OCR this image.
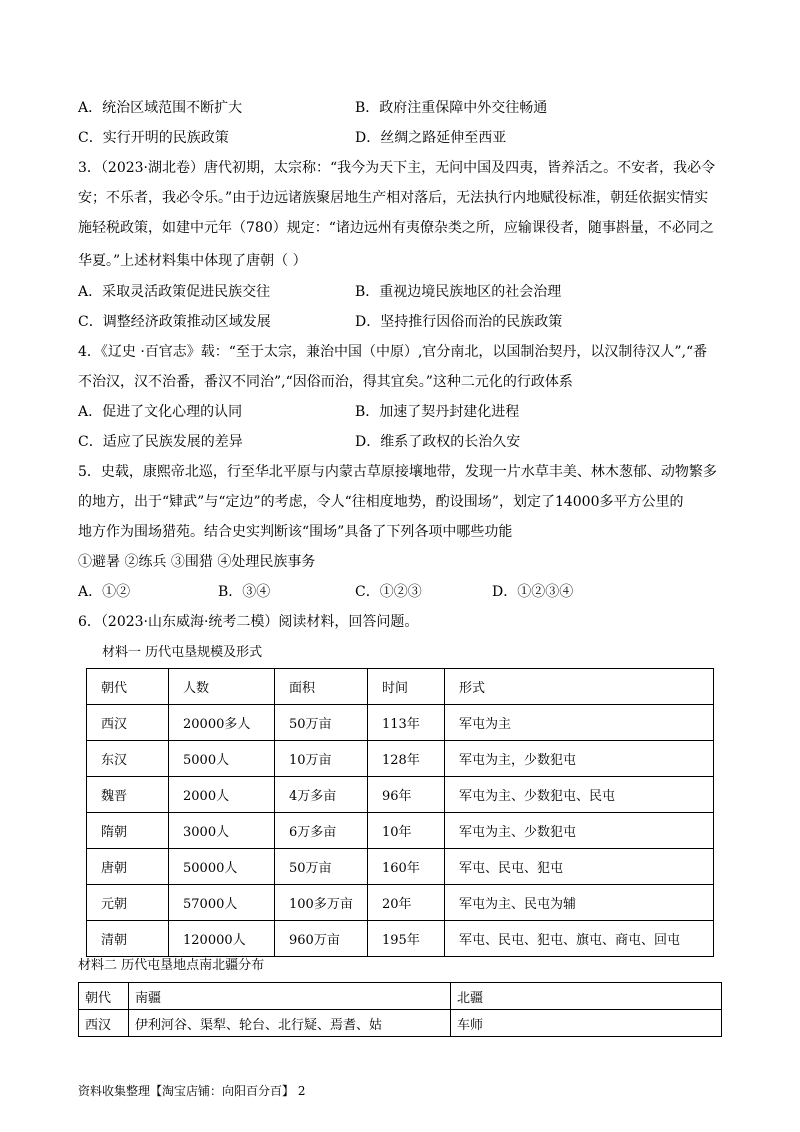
A．统治区域范围不断扩大	B．政府注重保障中外交往畅通
C．实行开明的民族政策	D．丝绸之路延伸至西亚
3．（2023·湖北卷）唐代初期，太宗称：“我今为天下主，无问中国及四夷，皆养活之。不安者，我必令
安；不乐者，我必令乐。”由于边远诸族聚居地生产相对落后，无法执行内地赋役标准，朝廷依据实情实
施轻税政策，如建中元年（780）规定：“诸边远州有夷僚杂类之所，应输课役者，随事斟量，不必同之
华夏。”上述材料集中体现了唐朝（ ）
A．采取灵活政策促进民族交往	B．重视边境民族地区的社会治理
C．调整经济政策推动区域发展	D．坚持推行因俗而治的民族政策
4．《辽史 ·百官志》载：“至于太宗，兼治中国（中原）,官分南北，以国制治契丹，以汉制待汉人”,“番
不治汉，汉不治番，番汉不同治”,“因俗而治，得其宜矣。”这种二元化的行政体系
A．促进了文化心理的认同	B．加速了契丹封建化进程
C．适应了民族发展的差异	D．维系了政权的长治久安
5．史载，康熙帝北巡，行至华北平原与内蒙古草原接壤地带，发现一片水草丰美、林木葱郁、动物繁多
的地方，出于“肄武”与“定边”的考虑，令人“往相度地势，酌设围场”，划定了14000多平方公里的
地方作为围场猎苑。结合史实判断该“围场”具备了下列各项中哪些功能
①避暑 ②练兵 ③围猎 ④处理民族事务
A．①②	B．③④	C．①②③	D．①②③④
6．（2023·山东威海·统考二模）阅读材料，回答问题。
材料一 历代屯垦规模及形式
朝代	人数	面积	时间	形式
西汉	20000多人	50万亩	113年	军屯为主
东汉	5000人	10万亩	128年	军屯为主，少数犯屯
魏晋	2000人	4万多亩	96年	军屯为主、少数犯屯、民屯
隋朝	3000人	6万多亩	10年	军屯为主、少数犯屯
唐朝	50000人	50万亩	160年	军屯、民屯、犯屯
元朝	57000人	100多万亩	20年	军屯为主、民屯为辅
清朝	120000人	960万亩	195年	军屯、民屯、犯屯、旗屯、商屯、回屯
材料二 历代屯垦地点南北疆分布
朝代	南疆	北疆
西汉	伊利河谷、渠犁、轮台、北行疑、焉耆、姑	车师
资料收集整理【淘宝店铺：向阳百分百】 2
